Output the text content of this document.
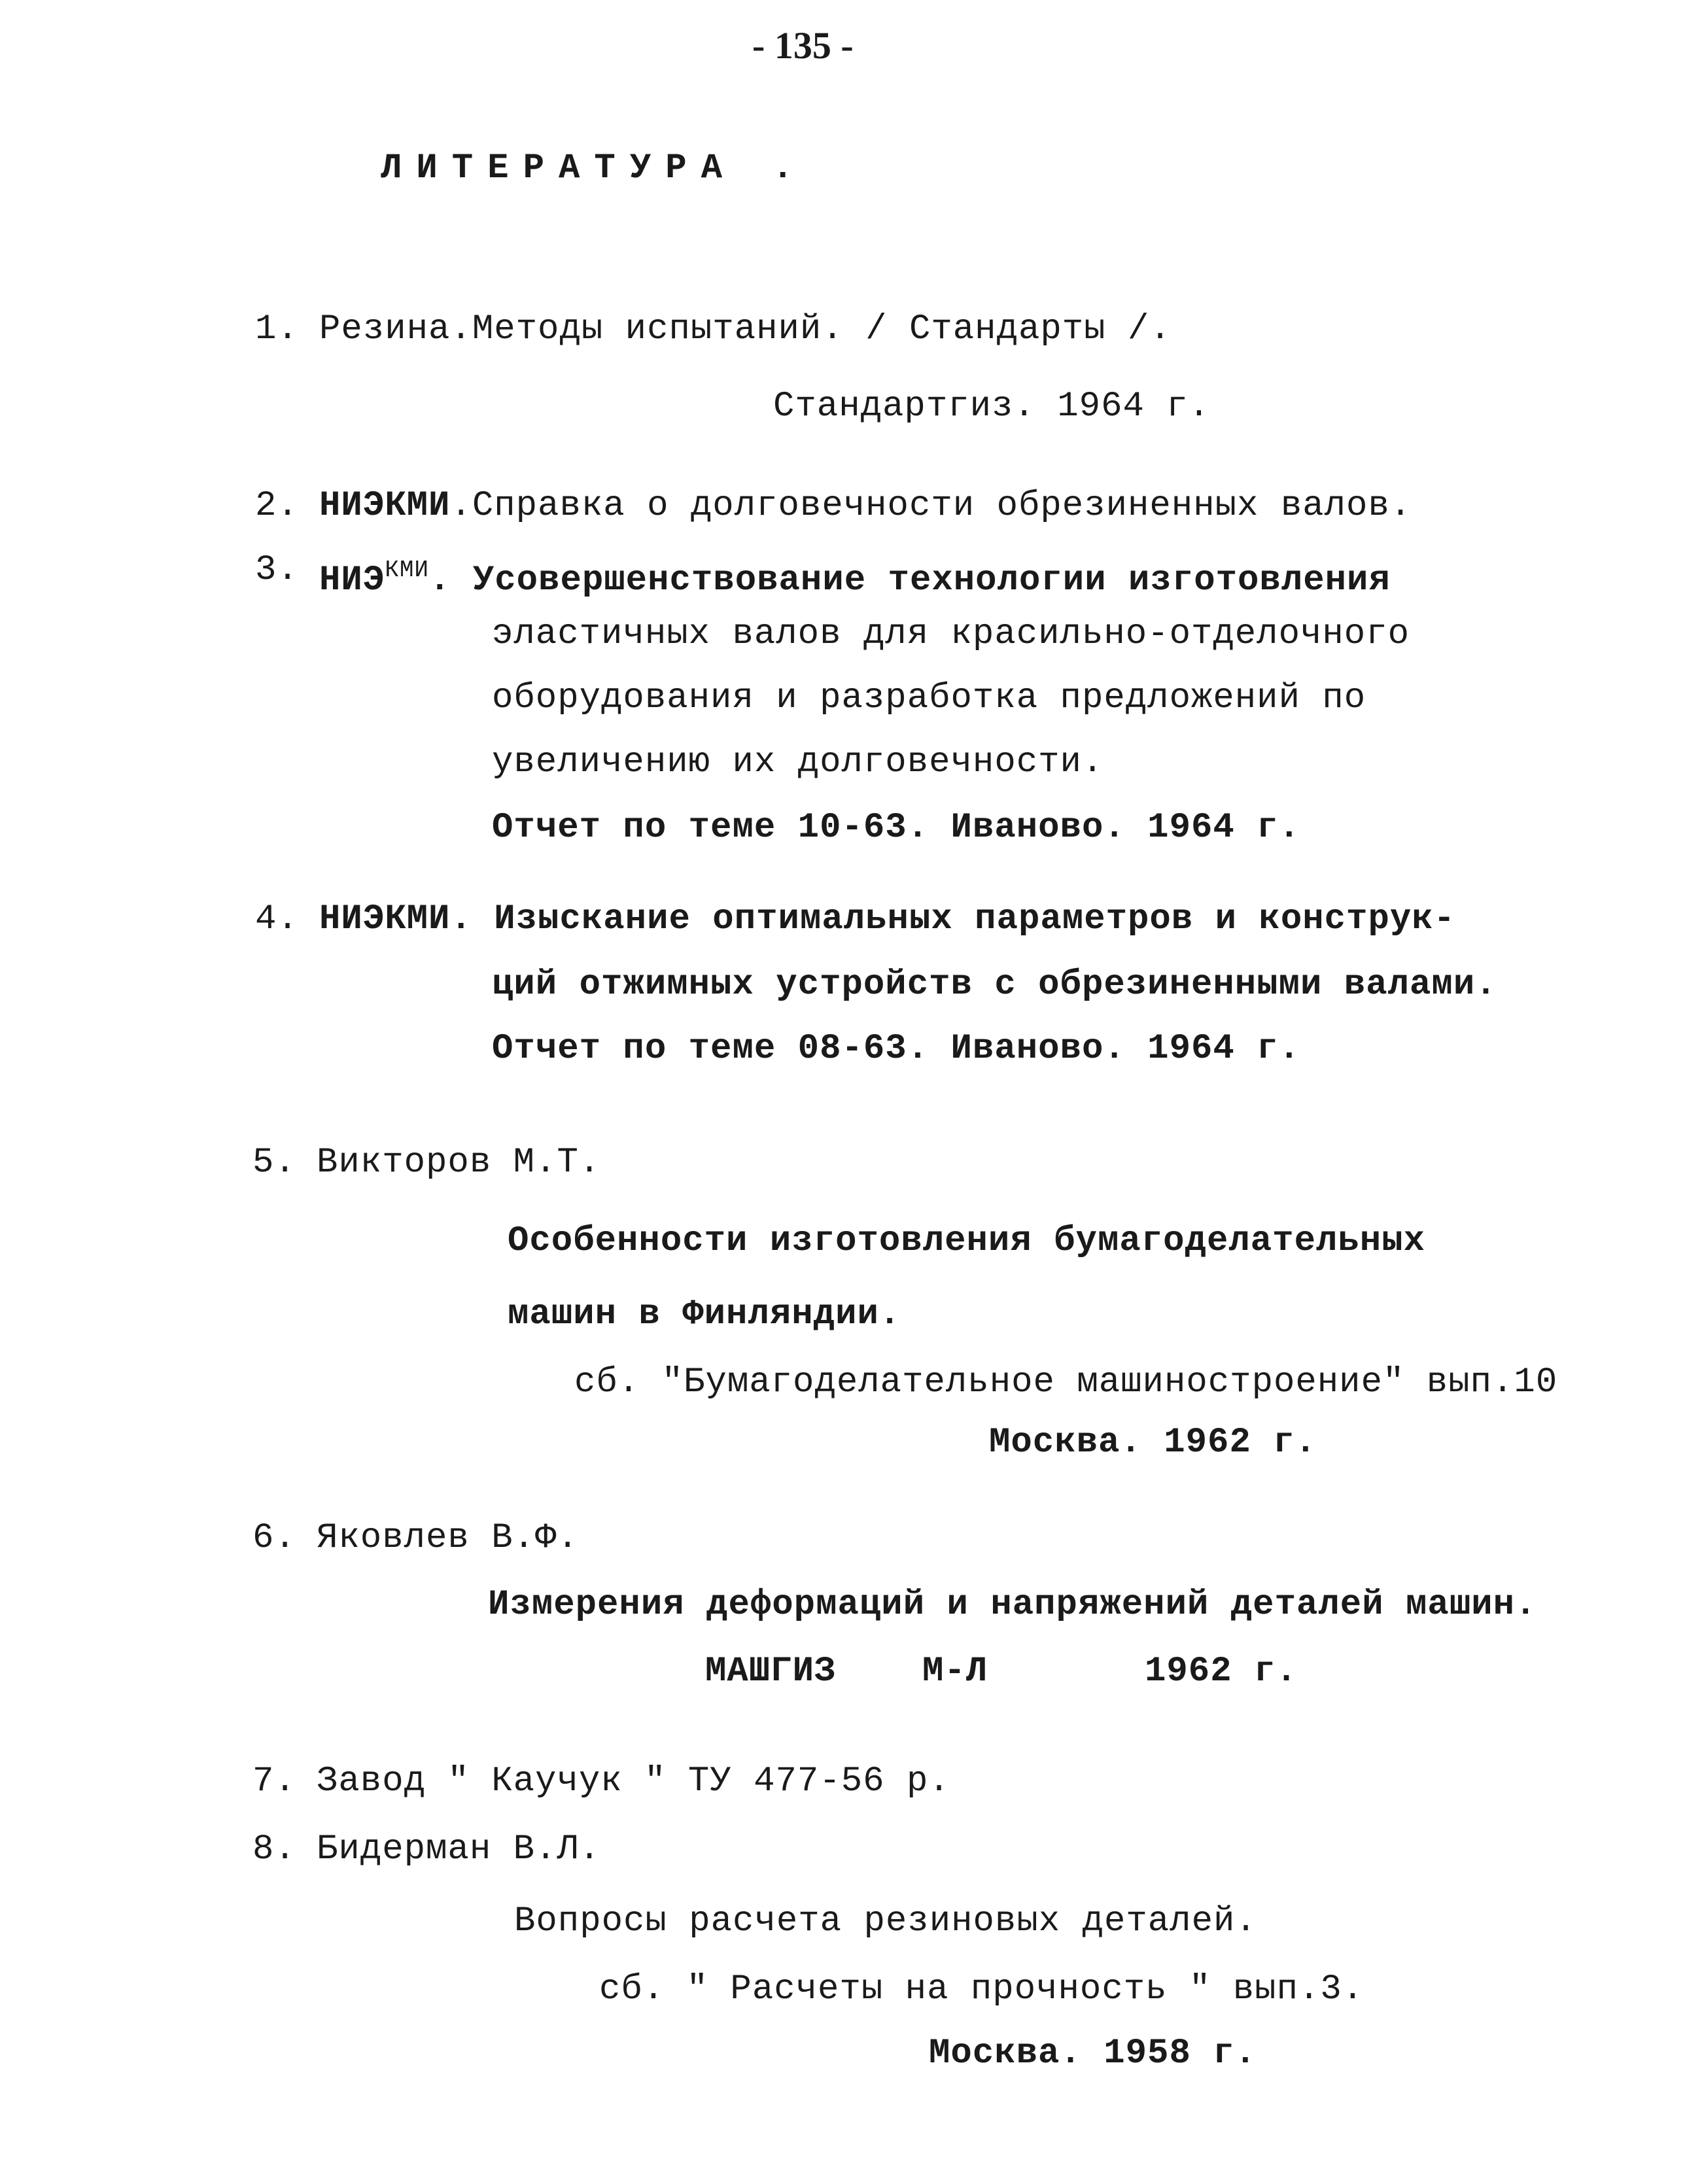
- 135 -
ЛИТЕРАТУРА .
1. Резина.Методы испытаний. / Стандарты /.
Стандартгиз. 1964 г.
2. НИЭКМИ.Справка о долговечности обрезиненных валов.
3. $НИЭ^{КМИ}$. Усовершенствование технологии изготовления
эластичных валов для красильно-отделочного
оборудования и разработка предложений по
увеличению их долговечности.
Отчет по теме 10-63. Иваново. 1964 г.
4. НИЭКМИ. Изыскание оптимальных параметров и конструк-
ций отжимных устройств с обрезиненными валами.
Отчет по теме 08-63. Иваново. 1964 г.
5. Викторов М.Т.
Особенности изготовления бумагоделательных
машин в Финляндии.
сб. "Бумагоделательное машиностроение" вып.10
Москва. 1962 г.
6. Яковлев В.Ф.
Измерения деформаций и напряжений деталей машин.
МАШГИЗ М-Л	1962 г.
7. Завод " Каучук " ТУ 477-56 р.
8. Бидерман В.Л.
Вопросы расчета резиновых деталей.
сб. " Расчеты на прочность " вып.3.
Москва. 1958 г.
